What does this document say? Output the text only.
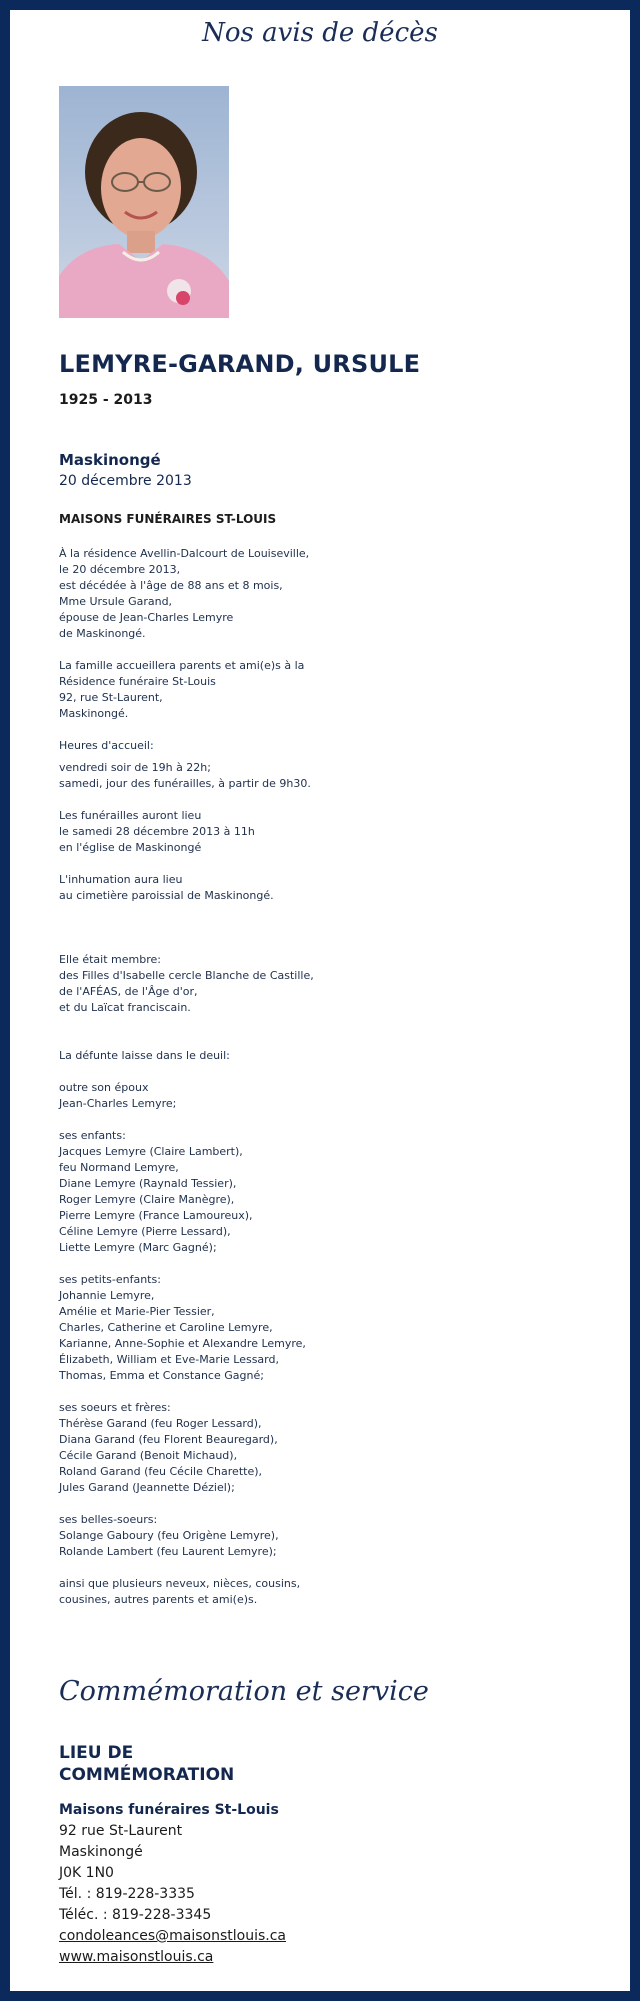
Nos avis de décès
LEMYRE-GARAND, URSULE
1925 - 2013
Maskinongé
20 décembre 2013
MAISONS FUNÉRAIRES ST-LOUIS

À la résidence Avellin-Dalcourt de Louiseville,
le 20 décembre 2013,
est décédée à l'âge de 88 ans et 8 mois,
Mme Ursule Garand,
épouse de Jean-Charles Lemyre
de Maskinongé.

La famille accueillera parents et ami(e)s à la
Résidence funéraire St-Louis
92, rue St-Laurent,
Maskinongé.

Heures d'accueil:

vendredi soir de 19h à 22h;
samedi, jour des funérailles, à partir de 9h30.

Les funérailles auront lieu
le samedi 28 décembre 2013 à 11h
en l'église de Maskinongé

L'inhumation aura lieu
au cimetière paroissial de Maskinongé.

Elle était membre:
des Filles d'Isabelle cercle Blanche de Castille,
de l'AFÉAS, de l'Âge d'or,
et du Laïcat franciscain.

La défunte laisse dans le deuil:

outre son époux
Jean-Charles Lemyre;

ses enfants:
Jacques Lemyre (Claire Lambert),
feu Normand Lemyre,
Diane Lemyre (Raynald Tessier),
Roger Lemyre (Claire Manègre),
Pierre Lemyre (France Lamoureux),
Céline Lemyre (Pierre Lessard),
Liette Lemyre (Marc Gagné);

ses petits-enfants:
Johannie Lemyre,
Amélie et Marie-Pier Tessier,
Charles, Catherine et Caroline Lemyre,
Karianne, Anne-Sophie et Alexandre Lemyre,
Élizabeth, William et Eve-Marie Lessard,
Thomas, Emma et Constance Gagné;

ses soeurs et frères:
Thérèse Garand (feu Roger Lessard),
Diana Garand (feu Florent Beauregard),
Cécile Garand (Benoit Michaud),
Roland Garand (feu Cécile Charette),
Jules Garand (Jeannette Déziel);

ses belles-soeurs:
Solange Gaboury (feu Origène Lemyre),
Rolande Lambert (feu Laurent Lemyre);

ainsi que plusieurs neveux, nièces, cousins,
cousines, autres parents et ami(e)s.

Commémoration et service
LIEU DE COMMÉMORATION
Maisons funéraires St-Louis
92 rue St-Laurent
Maskinongé
J0K 1N0
Tél. : 819-228-3335
Téléc. : 819-228-3345
condoleances@maisonstlouis.ca
www.maisonstlouis.ca
